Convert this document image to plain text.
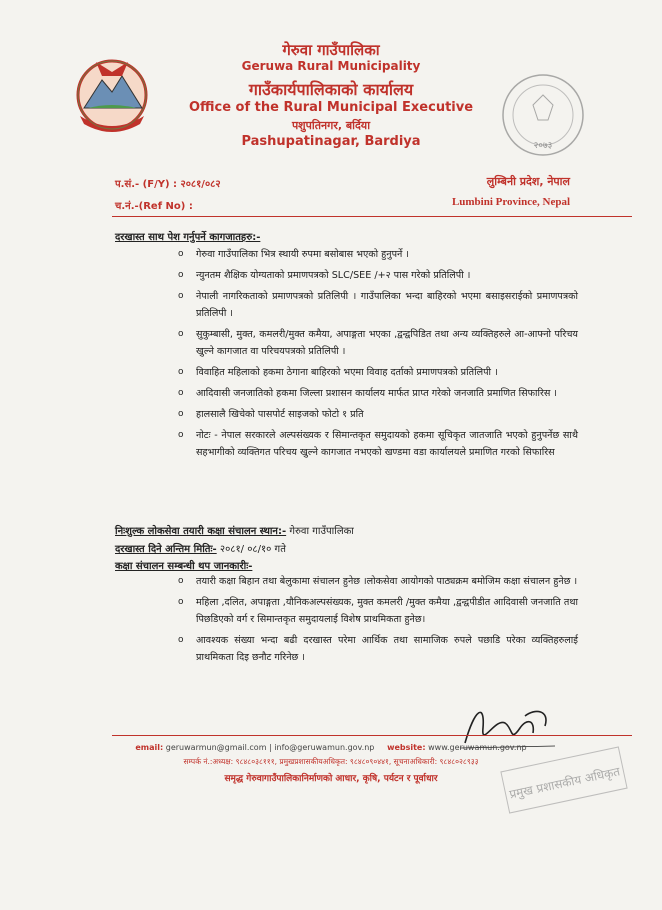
गेरुवा गाउँपालिका
Geruwa Rural Municipality
गाउँकार्यपालिकाको कार्यालय
Office of the Rural Municipal Executive
पशुपतिनगर, बर्दिया
Pashupatinagar, Bardiya	२०७३
प.सं.- (F/Y) : २०८१/०८२
च.नं.-(Ref No) :
लुम्बिनी प्रदेश, नेपाल
Lumbini Province, Nepal
दरखास्त साथ पेश गर्नुपर्ने कागजातहरु:-
o गेरुवा गाउँपालिका भित्र स्थायी रुपमा बसोबास भएको हुनुपर्ने ।
o न्युनतम शैक्षिक योग्यताको प्रमाणपत्रको SLC/SEE /+२ पास गरेको प्रतिलिपी ।
o नेपाली नागरिकताको प्रमाणपत्रको प्रतिलिपी । गाउँपालिका भन्दा बाहिरको भएमा बसाइसराईको प्रमाणपत्रको प्रतिलिपी ।
o सुकुम्बासी, मुक्त, कमलरी/मुक्त कमैया, अपाङ्गता भएका ,द्वन्द्वपिडित तथा अन्य व्यक्तिहरुले आ-आफ्नो परिचय खुल्ने कागजात वा परिचयपत्रको प्रतिलिपी ।
o विवाहित महिलाको हकमा ठेगाना बाहिरको भएमा विवाह दर्ताको प्रमाणपत्रको प्रतिलिपी ।
o आदिवासी जनजातिको हकमा जिल्ला प्रशासन कार्यालय मार्फत प्राप्त गरेको जनजाति प्रमाणित सिफारिस ।
o हालसालै खिचेको पासपोर्ट साइजको फोटो १ प्रति
o नोटः - नेपाल सरकारले अल्पसंख्यक र सिमान्तकृत समुदायको हकमा सूचिकृत जातजाति भएको हुनुपर्नेछ साथै सहभागीको व्यक्तिगत परिचय खुल्ने कागजात नभएको खण्डमा वडा कार्यालयले प्रमाणित गरको सिफारिस
निःशुल्क लोकसेवा तयारी कक्षा संचालन स्थान:- गेरुवा गाउँपालिका
दरखास्त दिने अन्तिम मितिः- २०८१/ ०८/१० गते
कक्षा संचालन सम्बन्धी थप जानकारीः-
o तयारी कक्षा बिहान तथा बेलुकामा संचालन हुनेछ ।लोकसेवा आयोगको पाठ्यक्रम बमोजिम कक्षा संचालन हुनेछ ।
o महिला ,दलित, अपाङ्गता ,यौनिकअल्पसंख्यक, मुक्त कमलरी /मुक्त कमैया ,द्वन्द्वपीडीत आदिवासी जनजाति तथा पिछडिएको वर्ग र सिमान्तकृत समुदायलाई विशेष प्राथमिकता हुनेछ।
o आवश्यक संख्या भन्दा बढी दरखास्त परेमा आर्थिक तथा सामाजिक रुपले पछाडि परेका व्यक्तिहरुलाई प्राथमिकता दिइ छनौट गरिनेछ ।
email: geruwarmun@gmail.com | info@geruwamun.gov.np website: www.geruwamun.gov.np
सम्पर्क नं.:अध्यक्ष: ९८४८०३८१११, प्रमुखप्रशासकीयअधिकृत: ९८४८०९०४४१, सूचनाअधिकारी: ९८४८०२८९३३
समृद्ध गेरुवागाउँपालिकानिर्माणको आधार, कृषि, पर्यटन र पूर्वाधार	प्रमुख प्रशासकीय अधिकृत
